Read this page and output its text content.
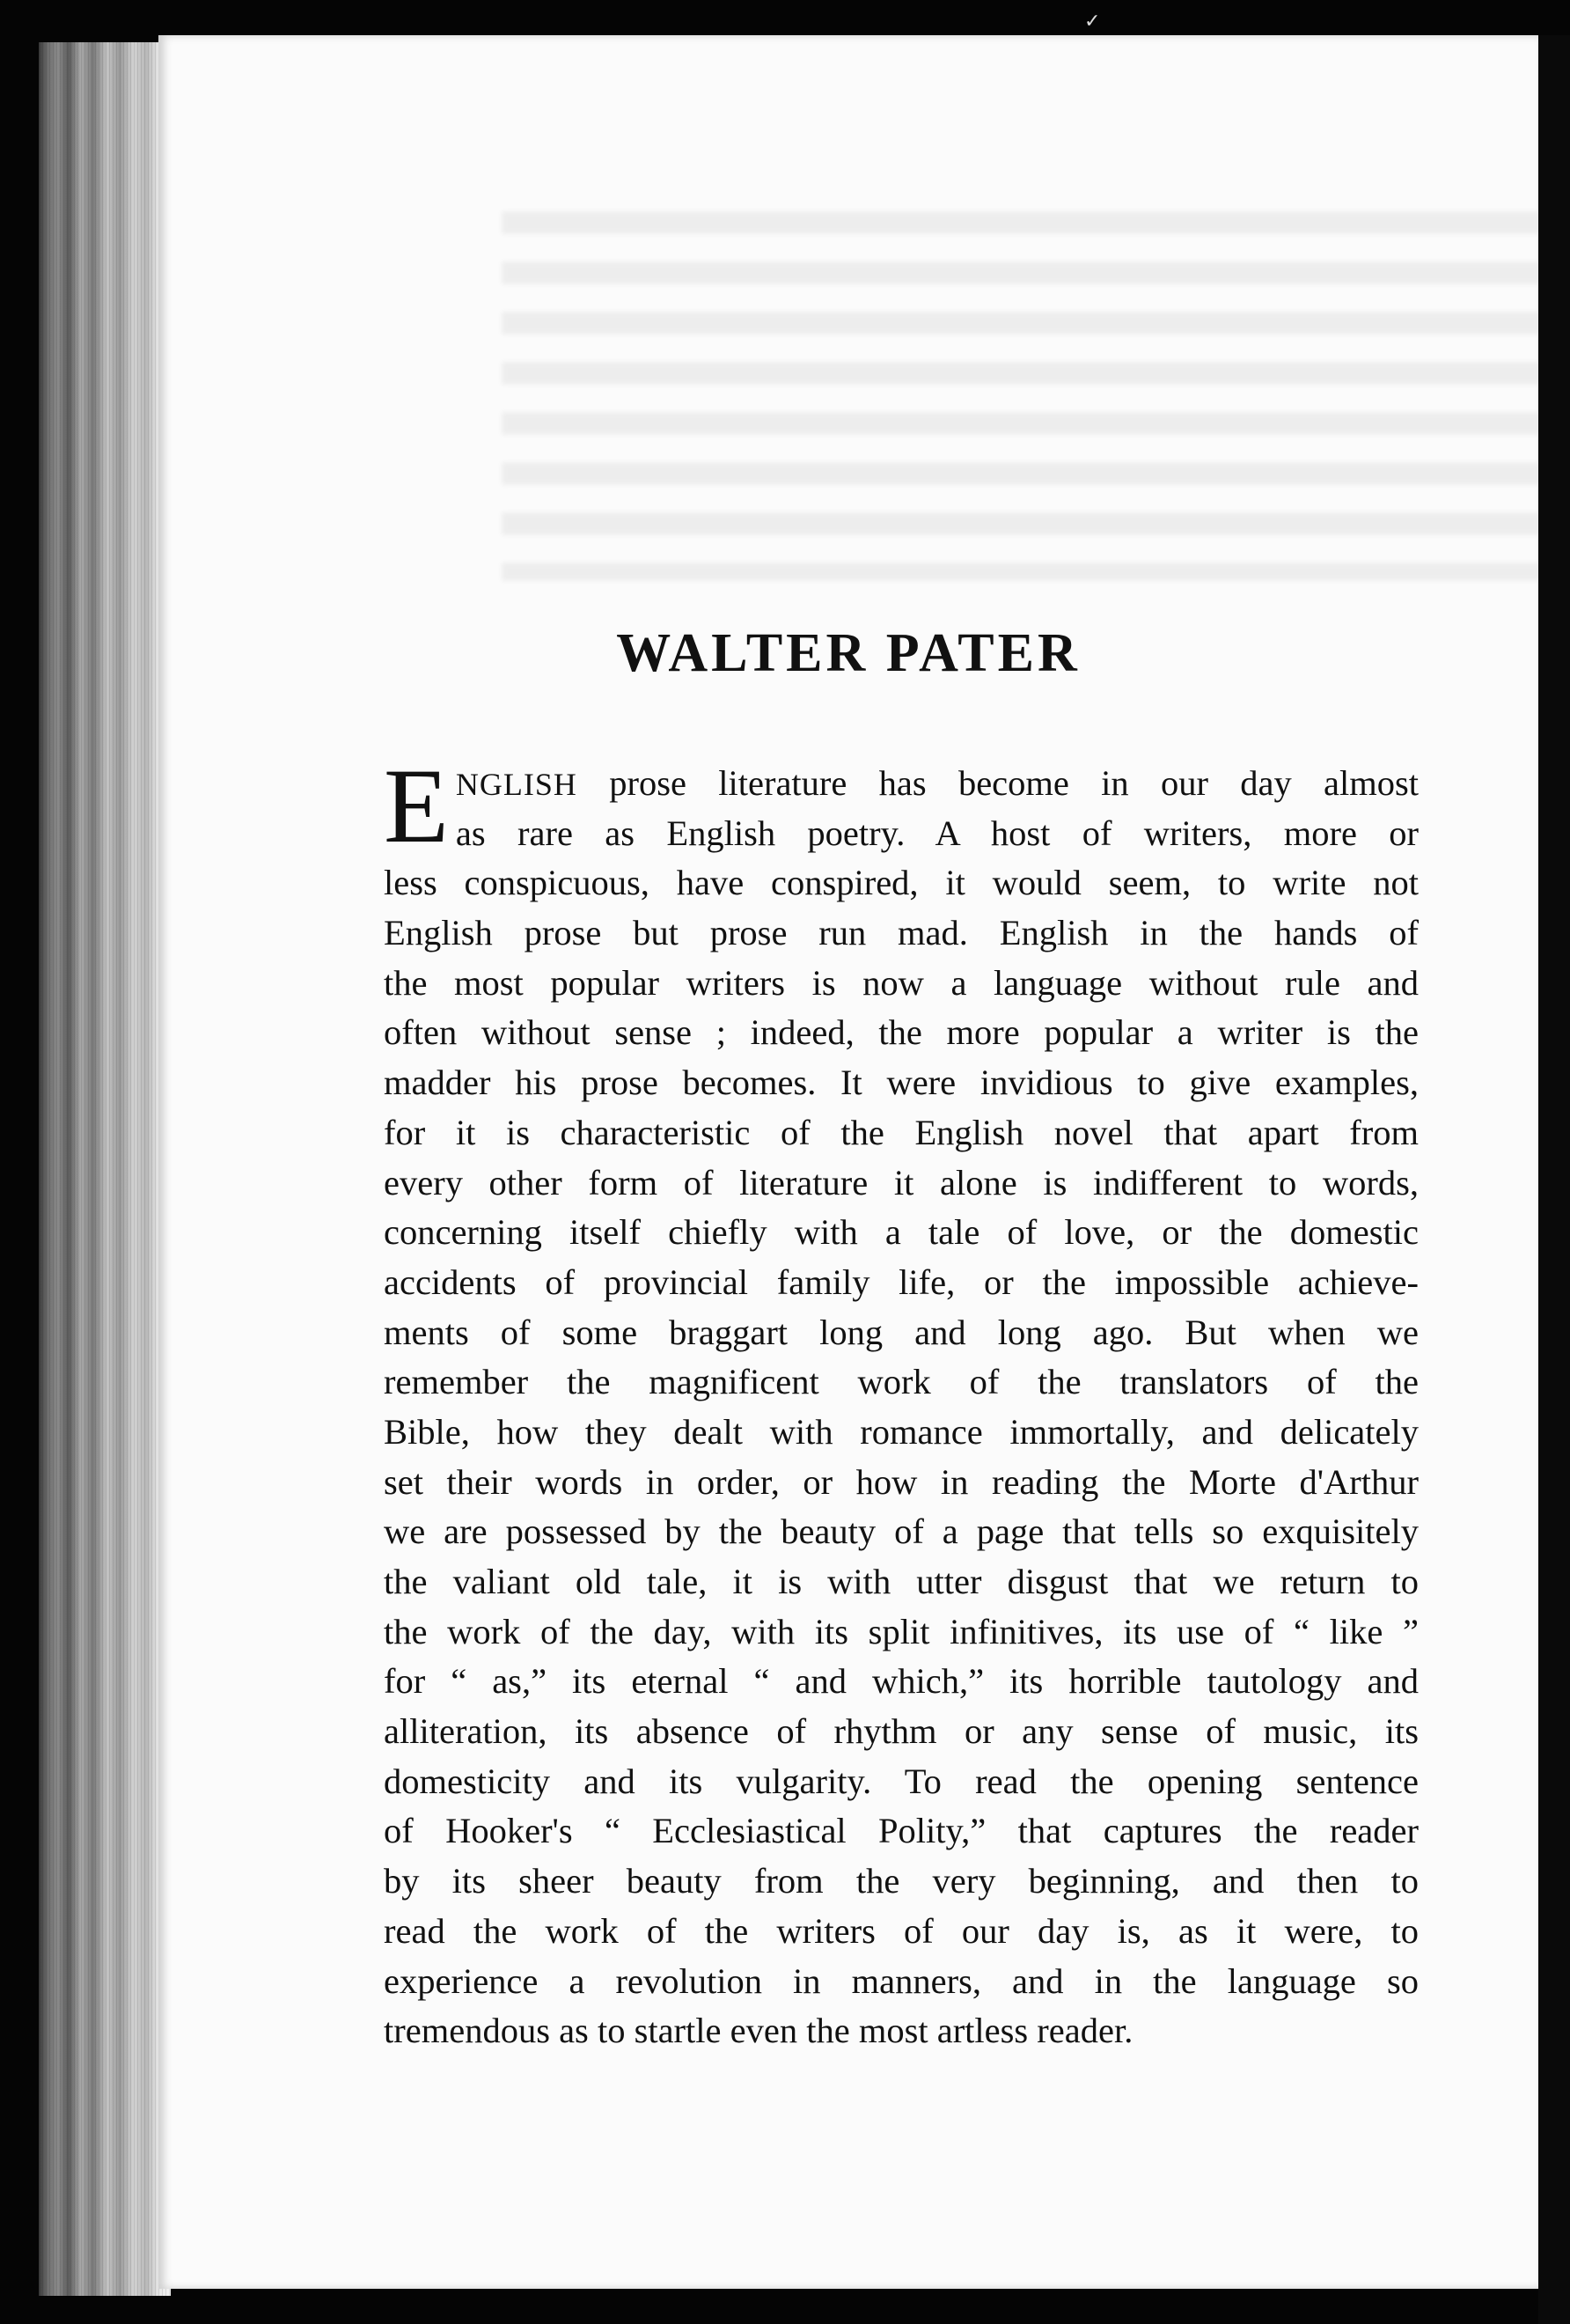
✓
WALTER PATER
E NGLISH prose literature has become in our day almost
as rare as English poetry. A host of writers, more or
less conspicuous, have conspired, it would seem, to write not
English prose but prose run mad. English in the hands of
the most popular writers is now a language without rule and
often without sense ; indeed, the more popular a writer is the
madder his prose becomes. It were invidious to give examples,
for it is characteristic of the English novel that apart from
every other form of literature it alone is indifferent to words,
concerning itself chiefly with a tale of love, or the domestic
accidents of provincial family life, or the impossible achieve-
ments of some braggart long and long ago. But when we
remember the magnificent work of the translators of the
Bible, how they dealt with romance immortally, and delicately
set their words in order, or how in reading the Morte d'Arthur
we are possessed by the beauty of a page that tells so exquisitely
the valiant old tale, it is with utter disgust that we return to
the work of the day, with its split infinitives, its use of “ like ”
for “ as,” its eternal “ and which,” its horrible tautology and
alliteration, its absence of rhythm or any sense of music, its
domesticity and its vulgarity. To read the opening sentence
of Hooker's “ Ecclesiastical Polity,” that captures the reader
by its sheer beauty from the very beginning, and then to
read the work of the writers of our day is, as it were, to
experience a revolution in manners, and in the language so
tremendous as to startle even the most artless reader.
